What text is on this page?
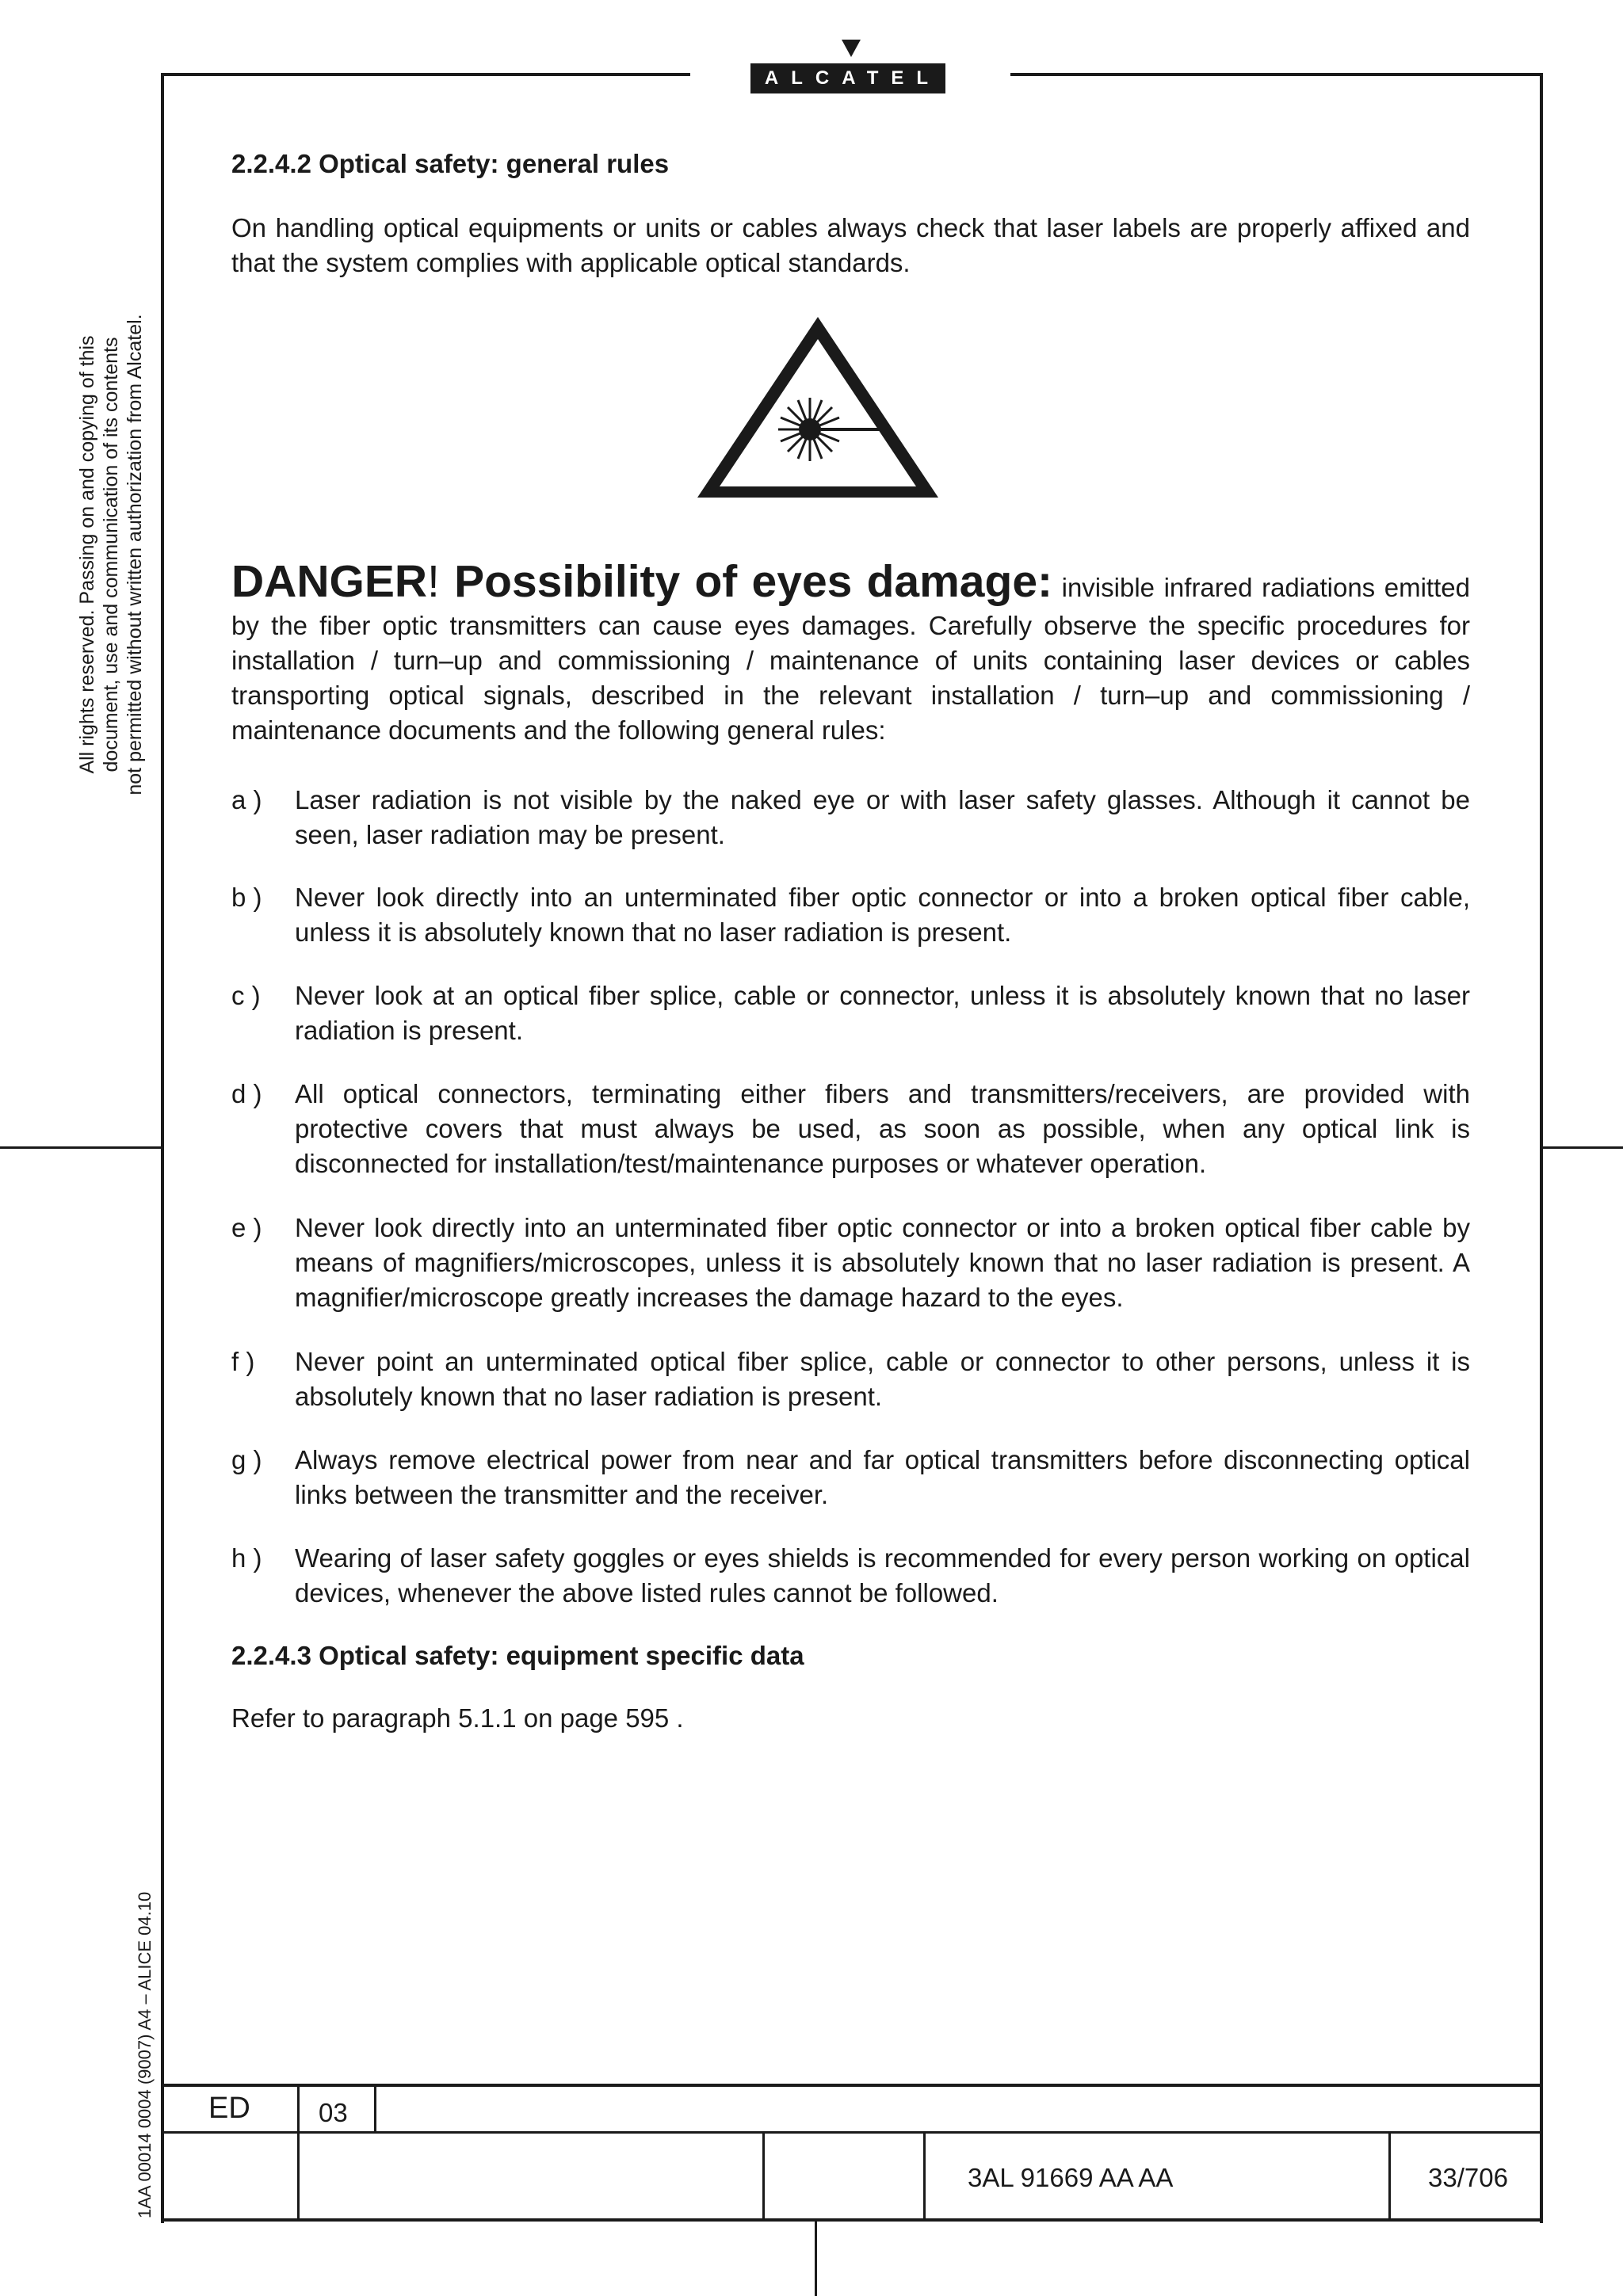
ALCATEL
All rights reserved. Passing on and copying of this document, use and communication of its contents not permitted without written authorization from Alcatel.
1AA 00014 0004 (9007) A4 – ALICE 04.10
2.2.4.2 Optical safety: general rules
On handling optical equipments or units or cables always check that laser labels are properly affixed and that the system complies with applicable optical standards.
DANGER! Possibility of eyes damage: invisible infrared radiations emitted by the fiber optic transmitters can cause eyes damages. Carefully observe the specific procedures for installation / turn–up and commissioning / maintenance of units containing laser devices or cables transporting optical signals, described in the relevant installation / turn–up and commissioning / maintenance documents and the following general rules:
a )	Laser radiation is not visible by the naked eye or with laser safety glasses. Although it cannot be seen, laser radiation may be present.
b )	Never look directly into an unterminated fiber optic connector or into a broken optical fiber cable, unless it is absolutely known that no laser radiation is present.
c )	Never look at an optical fiber splice, cable or connector, unless it is absolutely known that no laser radiation is present.
d )	All optical connectors, terminating either fibers and transmitters/receivers, are provided with protective covers that must always be used, as soon as possible, when any optical link is disconnected for installation/test/maintenance purposes or whatever operation.
e )	Never look directly into an unterminated fiber optic connector or into a broken optical fiber cable by means of magnifiers/microscopes, unless it is absolutely known that no laser radiation is present. A magnifier/microscope greatly increases the damage hazard to the eyes.
f )	Never point an unterminated optical fiber splice, cable or connector to other persons, unless it is absolutely known that no laser radiation is present.
g )	Always remove electrical power from near and far optical transmitters before disconnecting optical links between the transmitter and the receiver.
h )	Wearing of laser safety goggles or eyes shields is recommended for every person working on optical devices, whenever the above listed rules cannot be followed.
2.2.4.3 Optical safety: equipment specific data
Refer to paragraph 5.1.1 on page 595 .
ED	03
3AL 91669 AA AA	33/706
